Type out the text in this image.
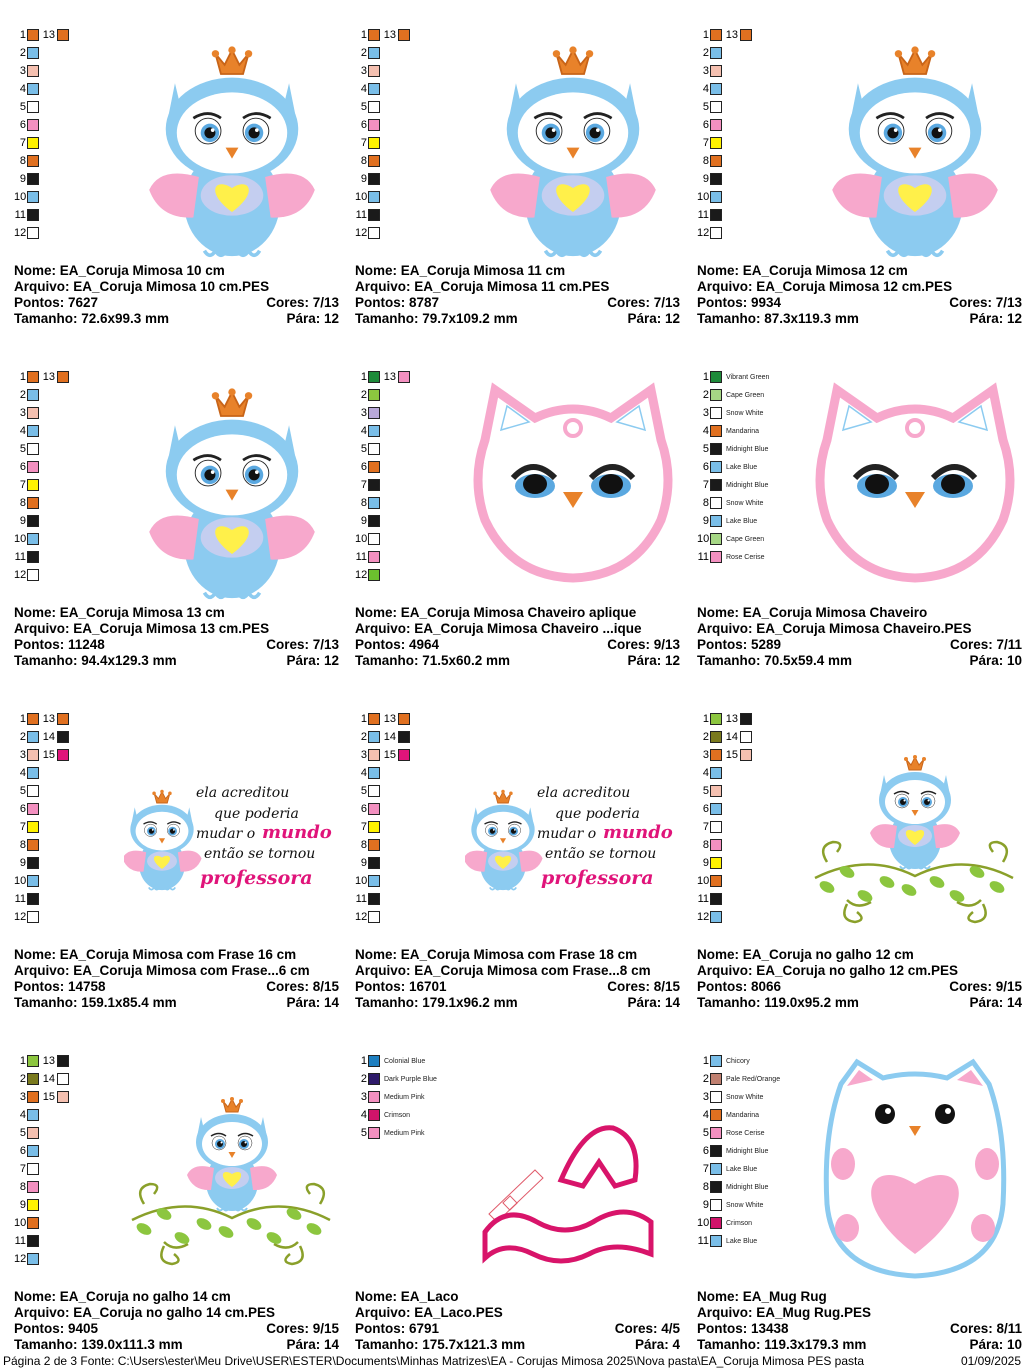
1	13
2
3
4
5
6
7
8
9
10
11
12
Nome: EA_Coruja Mimosa 10 cm
Arquivo: EA_Coruja Mimosa 10 cm.PES
Pontos: 7627	Cores: 7/13
Tamanho: 72.6x99.3 mm	Pára: 12
1	13
2
3
4
5
6
7
8
9
10
11
12
Nome: EA_Coruja Mimosa 11 cm
Arquivo: EA_Coruja Mimosa 11 cm.PES
Pontos: 8787	Cores: 7/13
Tamanho: 79.7x109.2 mm	Pára: 12
1	13
2
3
4
5
6
7
8
9
10
11
12
Nome: EA_Coruja Mimosa 12 cm
Arquivo: EA_Coruja Mimosa 12 cm.PES
Pontos: 9934	Cores: 7/13
Tamanho: 87.3x119.3 mm	Pára: 12
1	13
2
3
4
5
6
7
8
9
10
11
12
Nome: EA_Coruja Mimosa 13 cm
Arquivo: EA_Coruja Mimosa 13 cm.PES
Pontos: 11248	Cores: 7/13
Tamanho: 94.4x129.3 mm	Pára: 12
1	13
2
3
4
5
6
7
8
9
10
11
12
Nome: EA_Coruja Mimosa Chaveiro aplique
Arquivo: EA_Coruja Mimosa Chaveiro ...ique
Pontos: 4964	Cores: 9/13
Tamanho: 71.5x60.2 mm	Pára: 12
1 Vibrant Green
2 Cape Green
3 Snow White
4 Mandarina
5 Midnight Blue
6 Lake Blue
7 Midnight Blue
8 Snow White
9 Lake Blue
10 Cape Green
11 Rose Cerise
Nome: EA_Coruja Mimosa Chaveiro
Arquivo: EA_Coruja Mimosa Chaveiro.PES
Pontos: 5289	Cores: 7/11
Tamanho: 70.5x59.4 mm	Pára: 10
1	13
2	14
3	15
4
5
6
7
8
9
10
11
12
ela acreditou
que poderia
mudar o mundo
então se tornou
professora
Nome: EA_Coruja Mimosa com Frase 16 cm
Arquivo: EA_Coruja Mimosa com Frase...6 cm
Pontos: 14758	Cores: 8/15
Tamanho: 159.1x85.4 mm	Pára: 14
1	13
2	14
3	15
4
5
6
7
8
9
10
11
12
ela acreditou
que poderia
mudar o mundo
então se tornou
professora
Nome: EA_Coruja Mimosa com Frase 18 cm
Arquivo: EA_Coruja Mimosa com Frase...8 cm
Pontos: 16701	Cores: 8/15
Tamanho: 179.1x96.2 mm	Pára: 14
1	13
2	14
3	15
4
5
6
7
8
9
10
11
12
Nome: EA_Coruja no galho 12 cm
Arquivo: EA_Coruja no galho 12 cm.PES
Pontos: 8066	Cores: 9/15
Tamanho: 119.0x95.2 mm	Pára: 14
1	13
2	14
3	15
4
5
6
7
8
9
10
11
12
Nome: EA_Coruja no galho 14 cm
Arquivo: EA_Coruja no galho 14 cm.PES
Pontos: 9405	Cores: 9/15
Tamanho: 139.0x111.3 mm	Pára: 14
1 Colonial Blue
2 Dark Purple Blue
3 Medium Pink
4 Crimson
5 Medium Pink
Nome: EA_Laco
Arquivo: EA_Laco.PES
Pontos: 6791	Cores: 4/5
Tamanho: 175.7x121.3 mm	Pára: 4
1 Chicory
2 Pale Red/Orange
3 Snow White
4 Mandarina
5 Rose Cerise
6 Midnight Blue
7 Lake Blue
8 Midnight Blue
9 Snow White
10 Crimson
11 Lake Blue
Nome: EA_Mug Rug
Arquivo: EA_Mug Rug.PES
Pontos: 13438	Cores: 8/11
Tamanho: 119.3x179.3 mm	Pára: 10
Página 2 de 3 Fonte: C:\Users\ester\Meu Drive\USER\ESTER\Documents\Minhas Matrizes\EA - Corujas Mimosa 2025\Nova pasta\EA_Coruja Mimosa PES pasta	01/09/2025
